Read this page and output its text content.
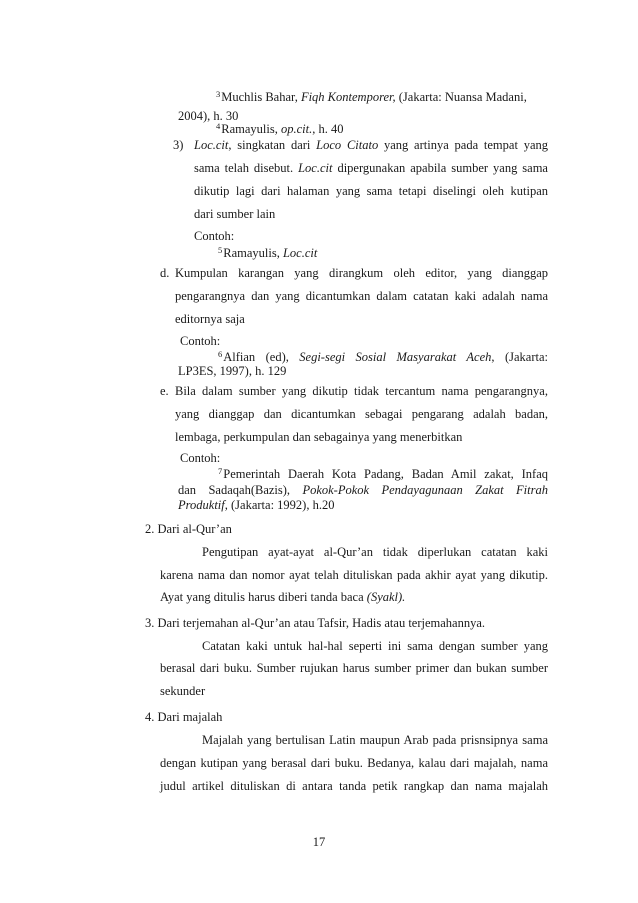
$^3$Muchlis Bahar, Fiqh Kontemporer, (Jakarta: Nuansa Madani,
2004), h. 30
$^4$Ramayulis, op.cit., h. 40
3) Loc.cit, singkatan dari Loco Citato yang artinya pada tempat yang
sama telah disebut. Loc.cit dipergunakan apabila sumber yang sama
dikutip lagi dari halaman yang sama tetapi diselingi oleh kutipan
dari sumber lain
Contoh:
$^5$Ramayulis, Loc.cit
d. Kumpulan karangan yang dirangkum oleh editor, yang dianggap
pengarangnya dan yang dicantumkan dalam catatan kaki adalah nama
editornya saja
Contoh:
$^6$Alfian (ed), Segi-segi Sosial Masyarakat Aceh, (Jakarta:
LP3ES, 1997), h. 129
e. Bila dalam sumber yang dikutip tidak tercantum nama pengarangnya,
yang dianggap dan dicantumkan sebagai pengarang adalah badan,
lembaga, perkumpulan dan sebagainya yang menerbitkan
Contoh:
$^7$Pemerintah Daerah Kota Padang, Badan Amil zakat, Infaq
dan Sadaqah(Bazis), Pokok-Pokok Pendayagunaan Zakat Fitrah
Produktif, (Jakarta: 1992), h.20
2. Dari al-Qur’an
Pengutipan ayat-ayat al-Qur’an tidak diperlukan catatan kaki
karena nama dan nomor ayat telah dituliskan pada akhir ayat yang dikutip.
Ayat yang ditulis harus diberi tanda baca (Syakl).
3. Dari terjemahan al-Qur’an atau Tafsir, Hadis atau terjemahannya.
Catatan kaki untuk hal-hal seperti ini sama dengan sumber yang
berasal dari buku. Sumber rujukan harus sumber primer dan bukan sumber
sekunder
4. Dari majalah
Majalah yang bertulisan Latin maupun Arab pada prisnsipnya sama
dengan kutipan yang berasal dari buku. Bedanya, kalau dari majalah, nama
judul artikel dituliskan di antara tanda petik rangkap dan nama majalah
17
